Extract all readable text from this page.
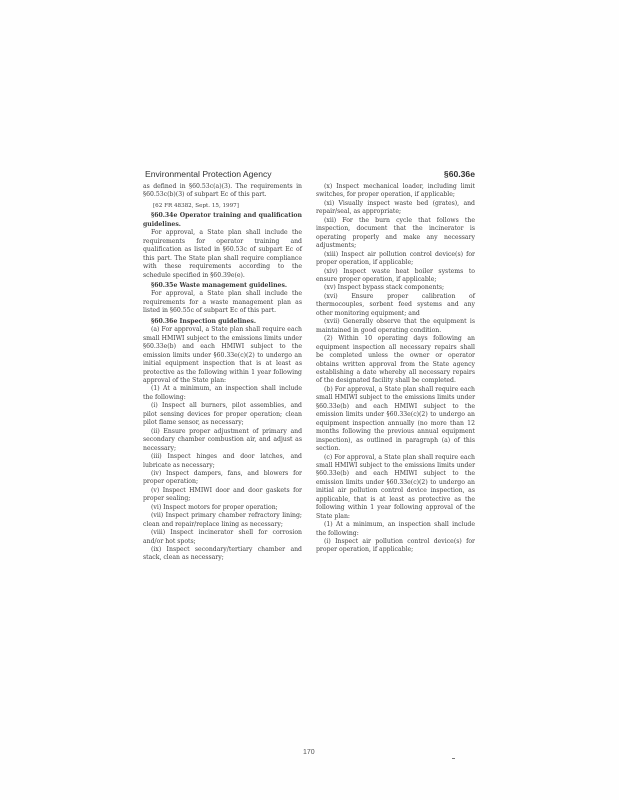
Environmental Protection Agency	§60.36e

as defined in §60.53c(a)(3). The requirements in §60.53c(b)(3) of subpart Ec of this part.

[62 FR 48382, Sept. 15, 1997]

§60.34e Operator training and qualification guidelines.

For approval, a State plan shall include the requirements for operator training and qualification as listed in §60.53c of subpart Ec of this part. The State plan shall require compliance with these requirements according to the schedule specified in §60.39e(e).

§60.35e Waste management guidelines.

For approval, a State plan shall include the requirements for a waste management plan as listed in §60.55c of subpart Ec of this part.

§60.36e Inspection guidelines.

(a) For approval, a State plan shall require each small HMIWI subject to the emissions limits under §60.33e(b) and each HMIWI subject to the emission limits under §60.33e(c)(2) to undergo an initial equipment inspection that is at least as protective as the following within 1 year following approval of the State plan:

(1) At a minimum, an inspection shall include the following:

(i) Inspect all burners, pilot assemblies, and pilot sensing devices for proper operation; clean pilot flame sensor, as necessary;

(ii) Ensure proper adjustment of primary and secondary chamber combustion air, and adjust as necessary;

(iii) Inspect hinges and door latches, and lubricate as necessary;

(iv) Inspect dampers, fans, and blowers for proper operation;

(v) Inspect HMIWI door and door gaskets for proper sealing;

(vi) Inspect motors for proper operation;

(vii) Inspect primary chamber refractory lining; clean and repair/replace lining as necessary;

(viii) Inspect incinerator shell for corrosion and/or hot spots;

(ix) Inspect secondary/tertiary chamber and stack, clean as necessary;

(x) Inspect mechanical loader, including limit switches, for proper operation, if applicable;

(xi) Visually inspect waste bed (grates), and repair/seal, as appropriate;

(xii) For the burn cycle that follows the inspection, document that the incinerator is operating properly and make any necessary adjustments;

(xiii) Inspect air pollution control device(s) for proper operation, if applicable;

(xiv) Inspect waste heat boiler systems to ensure proper operation, if applicable;

(xv) Inspect bypass stack components;

(xvi) Ensure proper calibration of thermocouples, sorbent feed systems and any other monitoring equipment; and

(xvii) Generally observe that the equipment is maintained in good operating condition.

(2) Within 10 operating days following an equipment inspection all necessary repairs shall be completed unless the owner or operator obtains written approval from the State agency establishing a date whereby all necessary repairs of the designated facility shall be completed.

(b) For approval, a State plan shall require each small HMIWI subject to the emissions limits under §60.33e(b) and each HMIWI subject to the emission limits under §60.33e(c)(2) to undergo an equipment inspection annually (no more than 12 months following the previous annual equipment inspection), as outlined in paragraph (a) of this section.

(c) For approval, a State plan shall require each small HMIWI subject to the emissions limits under §60.33e(b) and each HMIWI subject to the emission limits under §60.33e(c)(2) to undergo an initial air pollution control device inspection, as applicable, that is at least as protective as the following within 1 year following approval of the State plan:

(1) At a minimum, an inspection shall include the following:

(i) Inspect air pollution control device(s) for proper operation, if applicable;

170
